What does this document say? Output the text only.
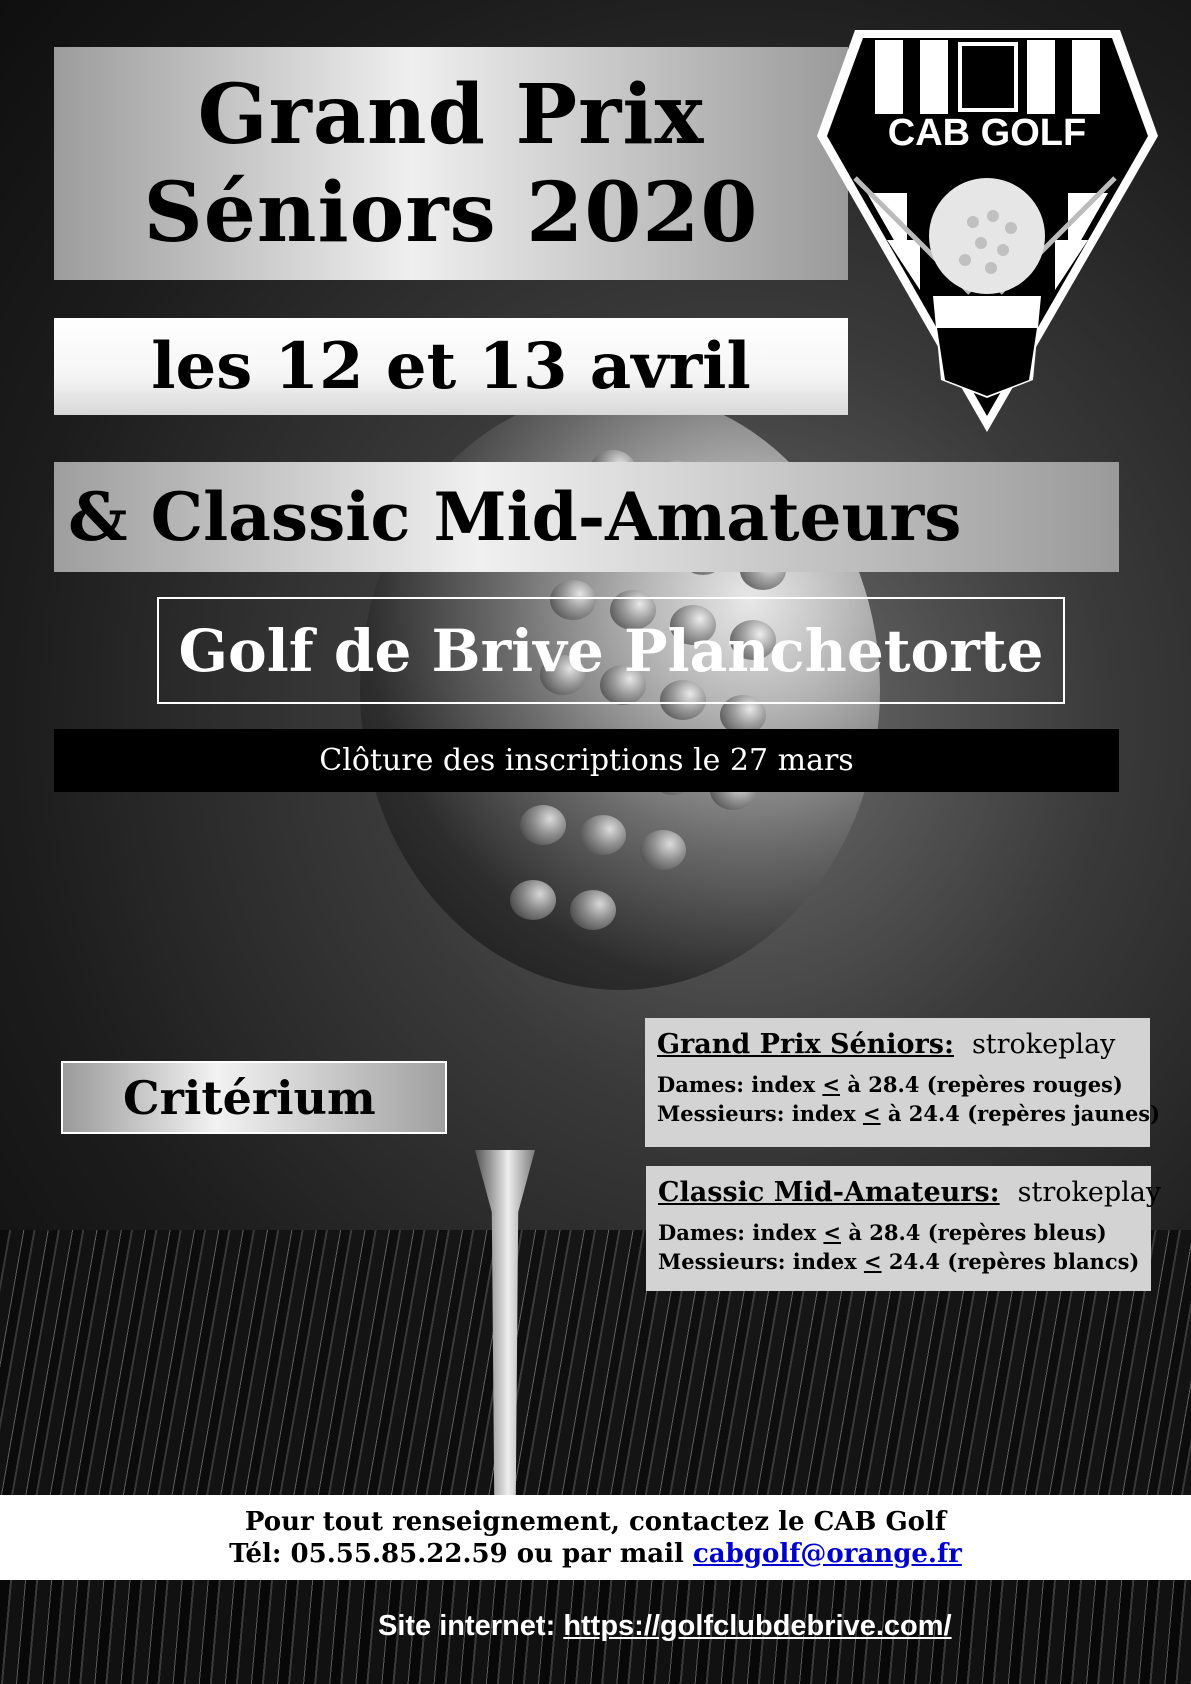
Grand Prix
Séniors 2020
les 12 et 13 avril
& Classic Mid-Amateurs
Golf de Brive Planchetorte
Clôture des inscriptions le 27 mars
CAB GOLF
BRIVE
Critérium
Grand Prix Séniors: strokeplay
Dames: index < à 28.4 (repères rouges)
Messieurs: index < à 24.4 (repères jaunes)
Classic Mid-Amateurs: strokeplay
Dames: index < à 28.4 (repères bleus)
Messieurs: index < 24.4 (repères blancs)
Pour tout renseignement, contactez le CAB Golf
Tél: 05.55.85.22.59 ou par mail cabgolf@orange.fr
Site internet: https://golfclubdebrive.com/
